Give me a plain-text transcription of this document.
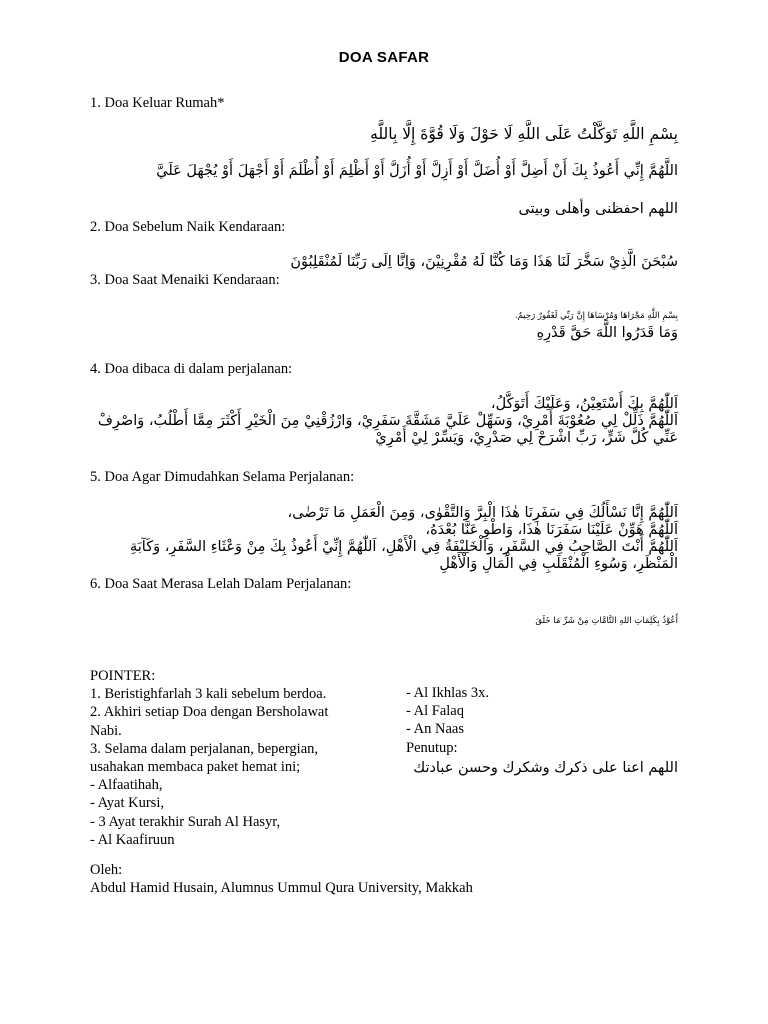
DOA SAFAR
1. Doa Keluar Rumah*
بِسْمِ اللَّهِ تَوَكَّلْتُ عَلَى اللَّهِ لَا حَوْلَ وَلَا قُوَّةَ إِلَّا بِاللَّهِ
اللَّهُمَّ إِنِّي أَعُوذُ بِكَ أَنْ أَضِلَّ أَوْ أُضَلَّ أَوْ أَزِلَّ أَوْ أُزَلَّ أَوْ أَظْلِمَ أَوْ أُظْلَمَ أَوْ أَجْهَلَ أَوْ يُجْهَلَ عَلَيَّ
اللهم احفظنى وأهلى وبيتى
2. Doa Sebelum Naik Kendaraan:
سُبْحَنَ الَّذِيْ سَخَّرَ لَنَا هَذَا وَمَا كُنَّا لَهُ مُقْرِنِيْنَ، وَاِنَّا اِلَى رَبِّنَا لَمُنْقَلِبُوْنَ
3. Doa Saat Menaiki Kendaraan:
بِسْمِ اللَّهِ مَجْرَاهَا وَمُرْسَاهَا إِنَّ رَبِّي لَغَفُورٌ رَحِيمٌ.
وَمَا قَدَرُوا اللَّهَ حَقَّ قَدْرِهِ
4. Doa dibaca di dalam perjalanan:
اَللّٰهُمَّ بِكَ أَسْتَعِيْنُ، وَعَلَيْكَ أَتَوَكَّلُ،
اَللّٰهُمَّ ذَلِّلْ لِي صُعُوْبَةَ أَمْرِيْ، وَسَهِّلْ عَلَيَّ مَشَقَّةَ سَفَرِيْ، وَارْزُقْنِيْ مِنَ الْخَيْرِ أَكْثَرَ مِمَّا أَطْلُبُ، وَاصْرِفْ
عَنِّي كُلَّ شَرٍّ، رَبِّ اشْرَحْ لِي صَدْرِيْ، وَيَسِّرْ لِيْ أَمْرِيْ
5. Doa Agar Dimudahkan Selama Perjalanan:
اَللّٰهُمَّ إِنَّا نَسْأَلُكَ فِي سَفَرِنَا هٰذَا الْبِرَّ وَالتَّقْوٰى، وَمِنَ الْعَمَلِ مَا تَرْضٰى،
اَللّٰهُمَّ هَوِّنْ عَلَيْنَا سَفَرَنَا هٰذَا، وَاطْوِ عَنَّا بُعْدَهُ،
اَللّٰهُمَّ أَنْتَ الصَّاحِبُ فِي السَّفَرِ، وَالْخَلِيْفَةُ فِي الْأَهْلِ، اَللّٰهُمَّ إِنِّيْ أَعُوذُ بِكَ مِنْ وَعْثَاءِ السَّفَرِ، وَكَآبَةِ
الْمَنْظَرِ، وَسُوءِ الْمُنْقَلَبِ فِي الْمَالِ وَالْأَهْلِ
6. Doa Saat Merasa Lelah Dalam Perjalanan:
أَعُوْذُ بِكَلِمَاتِ اللهِ التَّامَّاتِ مِنْ شَرِّ مَا خَلَقَ
POINTER:
1. Beristighfarlah 3 kali sebelum berdoa.
2. Akhiri setiap Doa dengan Bersholawat
Nabi.
3. Selama dalam perjalanan, bepergian,
usahakan membaca paket hemat ini;
- Alfaatihah,
- Ayat Kursi,
- 3 Ayat terakhir Surah Al Hasyr,
- Al Kaafiruun
- Al Ikhlas 3x.
- Al Falaq
- An Naas
Penutup:
اللهم اعنا على ذكرك وشكرك وحسن عبادتك
Oleh:
Abdul Hamid Husain, Alumnus Ummul Qura University, Makkah
